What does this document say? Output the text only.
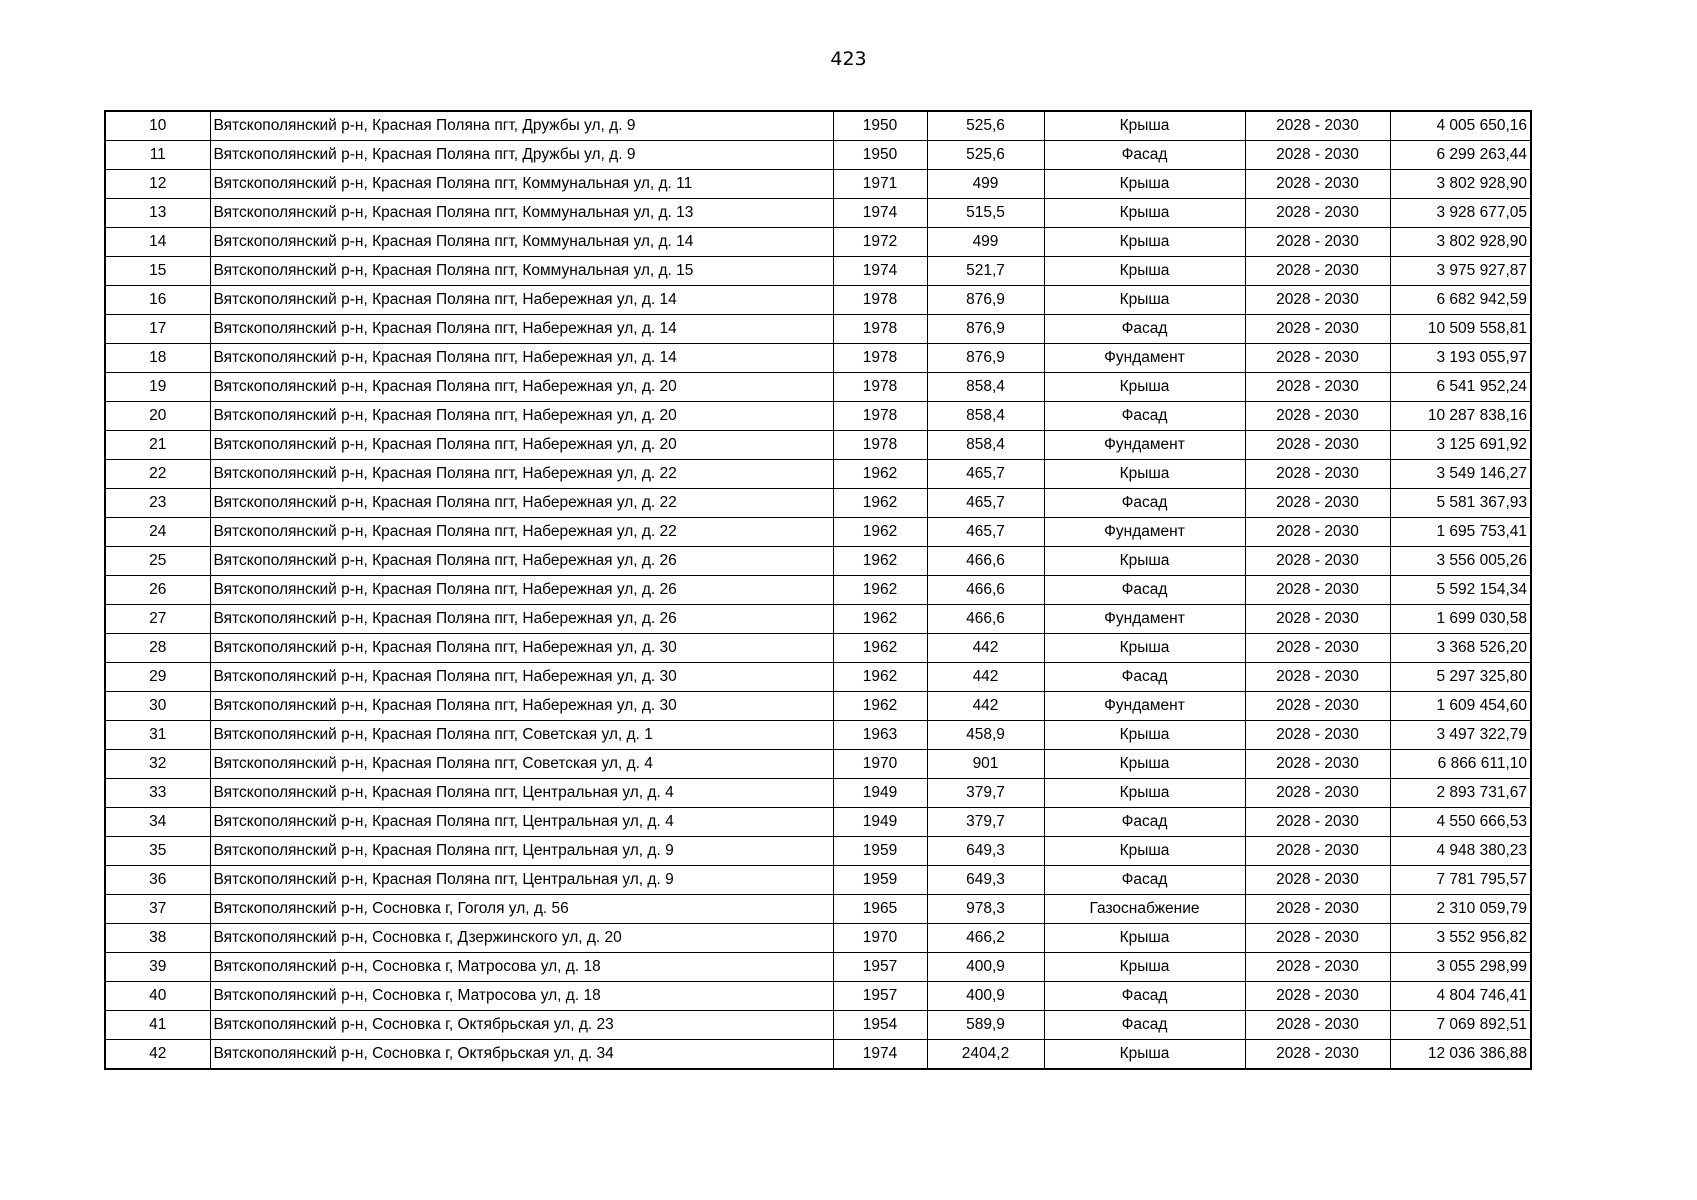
423
10	Вятскополянский р-н, Красная Поляна пгт, Дружбы ул, д. 9	1950	525,6	Крыша	2028 - 2030	4 005 650,16
11	Вятскополянский р-н, Красная Поляна пгт, Дружбы ул, д. 9	1950	525,6	Фасад	2028 - 2030	6 299 263,44
12	Вятскополянский р-н, Красная Поляна пгт, Коммунальная ул, д. 11	1971	499	Крыша	2028 - 2030	3 802 928,90
13	Вятскополянский р-н, Красная Поляна пгт, Коммунальная ул, д. 13	1974	515,5	Крыша	2028 - 2030	3 928 677,05
14	Вятскополянский р-н, Красная Поляна пгт, Коммунальная ул, д. 14	1972	499	Крыша	2028 - 2030	3 802 928,90
15	Вятскополянский р-н, Красная Поляна пгт, Коммунальная ул, д. 15	1974	521,7	Крыша	2028 - 2030	3 975 927,87
16	Вятскополянский р-н, Красная Поляна пгт, Набережная ул, д. 14	1978	876,9	Крыша	2028 - 2030	6 682 942,59
17	Вятскополянский р-н, Красная Поляна пгт, Набережная ул, д. 14	1978	876,9	Фасад	2028 - 2030	10 509 558,81
18	Вятскополянский р-н, Красная Поляна пгт, Набережная ул, д. 14	1978	876,9	Фундамент	2028 - 2030	3 193 055,97
19	Вятскополянский р-н, Красная Поляна пгт, Набережная ул, д. 20	1978	858,4	Крыша	2028 - 2030	6 541 952,24
20	Вятскополянский р-н, Красная Поляна пгт, Набережная ул, д. 20	1978	858,4	Фасад	2028 - 2030	10 287 838,16
21	Вятскополянский р-н, Красная Поляна пгт, Набережная ул, д. 20	1978	858,4	Фундамент	2028 - 2030	3 125 691,92
22	Вятскополянский р-н, Красная Поляна пгт, Набережная ул, д. 22	1962	465,7	Крыша	2028 - 2030	3 549 146,27
23	Вятскополянский р-н, Красная Поляна пгт, Набережная ул, д. 22	1962	465,7	Фасад	2028 - 2030	5 581 367,93
24	Вятскополянский р-н, Красная Поляна пгт, Набережная ул, д. 22	1962	465,7	Фундамент	2028 - 2030	1 695 753,41
25	Вятскополянский р-н, Красная Поляна пгт, Набережная ул, д. 26	1962	466,6	Крыша	2028 - 2030	3 556 005,26
26	Вятскополянский р-н, Красная Поляна пгт, Набережная ул, д. 26	1962	466,6	Фасад	2028 - 2030	5 592 154,34
27	Вятскополянский р-н, Красная Поляна пгт, Набережная ул, д. 26	1962	466,6	Фундамент	2028 - 2030	1 699 030,58
28	Вятскополянский р-н, Красная Поляна пгт, Набережная ул, д. 30	1962	442	Крыша	2028 - 2030	3 368 526,20
29	Вятскополянский р-н, Красная Поляна пгт, Набережная ул, д. 30	1962	442	Фасад	2028 - 2030	5 297 325,80
30	Вятскополянский р-н, Красная Поляна пгт, Набережная ул, д. 30	1962	442	Фундамент	2028 - 2030	1 609 454,60
31	Вятскополянский р-н, Красная Поляна пгт, Советская ул, д. 1	1963	458,9	Крыша	2028 - 2030	3 497 322,79
32	Вятскополянский р-н, Красная Поляна пгт, Советская ул, д. 4	1970	901	Крыша	2028 - 2030	6 866 611,10
33	Вятскополянский р-н, Красная Поляна пгт, Центральная ул, д. 4	1949	379,7	Крыша	2028 - 2030	2 893 731,67
34	Вятскополянский р-н, Красная Поляна пгт, Центральная ул, д. 4	1949	379,7	Фасад	2028 - 2030	4 550 666,53
35	Вятскополянский р-н, Красная Поляна пгт, Центральная ул, д. 9	1959	649,3	Крыша	2028 - 2030	4 948 380,23
36	Вятскополянский р-н, Красная Поляна пгт, Центральная ул, д. 9	1959	649,3	Фасад	2028 - 2030	7 781 795,57
37	Вятскополянский р-н, Сосновка г, Гоголя ул, д. 56	1965	978,3	Газоснабжение	2028 - 2030	2 310 059,79
38	Вятскополянский р-н, Сосновка г, Дзержинского ул, д. 20	1970	466,2	Крыша	2028 - 2030	3 552 956,82
39	Вятскополянский р-н, Сосновка г, Матросова ул, д. 18	1957	400,9	Крыша	2028 - 2030	3 055 298,99
40	Вятскополянский р-н, Сосновка г, Матросова ул, д. 18	1957	400,9	Фасад	2028 - 2030	4 804 746,41
41	Вятскополянский р-н, Сосновка г, Октябрьская ул, д. 23	1954	589,9	Фасад	2028 - 2030	7 069 892,51
42	Вятскополянский р-н, Сосновка г, Октябрьская ул, д. 34	1974	2404,2	Крыша	2028 - 2030	12 036 386,88
